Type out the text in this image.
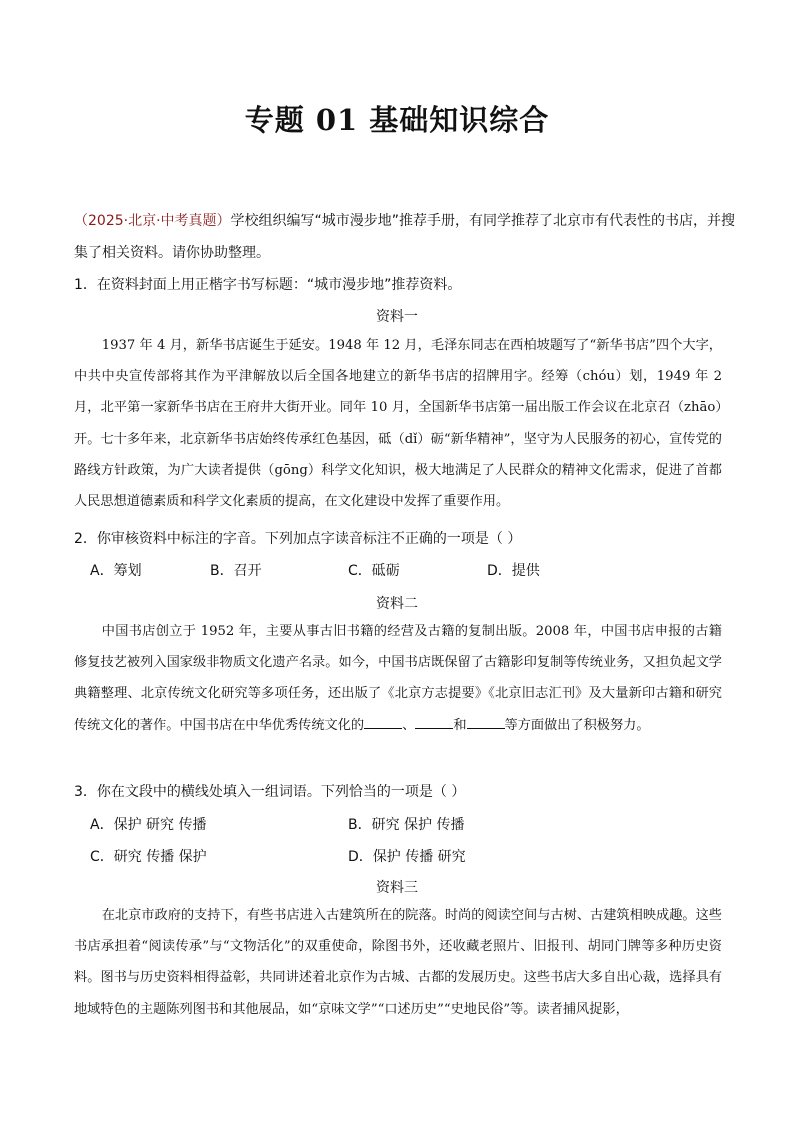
专题 01 基础知识综合
（2025·北京·中考真题）学校组织编写“城市漫步地”推荐手册，有同学推荐了北京市有代表性的书店，并搜
集了相关资料。请你协助整理。
1．在资料封面上用正楷字书写标题：“城市漫步地”推荐资料。
资料一

1937 年 4 月，新华书店诞生于延安。1948 年 12 月，毛泽东同志在西柏坡题写了“新华书店”四个大字，中共中央宣传部将其作为平津解放以后全国各地建立的新华书店的招牌用字。经筹（chóu）划，1949 年 2 月，北平第一家新华书店在王府井大街开业。同年 10 月，全国新华书店第一届出版工作会议在北京召（zhāo）开。七十多年来，北京新华书店始终传承红色基因，砥（dǐ）砺“新华精神”，坚守为人民服务的初心，宣传党的路线方针政策，为广大读者提供（gōng）科学文化知识，极大地满足了人民群众的精神文化需求，促进了首都人民思想道德素质和科学文化素质的提高，在文化建设中发挥了重要作用。

2．你审核资料中标注的字音。下列加点字读音标注不正确的一项是（ ）
A．筹划	B．召开	C．砥砺	D．提供
资料二

中国书店创立于 1952 年，主要从事古旧书籍的经营及古籍的复制出版。2008 年，中国书店申报的古籍修复技艺被列入国家级非物质文化遗产名录。如今，中国书店既保留了古籍影印复制等传统业务，又担负起文学典籍整理、北京传统文化研究等多项任务，还出版了《北京方志提要》《北京旧志汇刊》及大量新印古籍和研究传统文化的著作。中国书店在中华优秀传统文化的	、	和	等方面做出了积极努力。

3．你在文段中的横线处填入一组词语。下列恰当的一项是（ ）
A．保护 研究 传播	B．研究 保护 传播
C．研究 传播 保护	D．保护 传播 研究
资料三

在北京市政府的支持下，有些书店进入古建筑所在的院落。时尚的阅读空间与古树、古建筑相映成趣。这些书店承担着“阅读传承”与“文物活化”的双重使命，除图书外，还收藏老照片、旧报刊、胡同门牌等多种历史资料。图书与历史资料相得益彰，共同讲述着北京作为古城、古都的发展历史。这些书店大多自出心裁，选择具有地域特色的主题陈列图书和其他展品，如“京味文学”“口述历史”“史地民俗”等。读者捕风捉影，
